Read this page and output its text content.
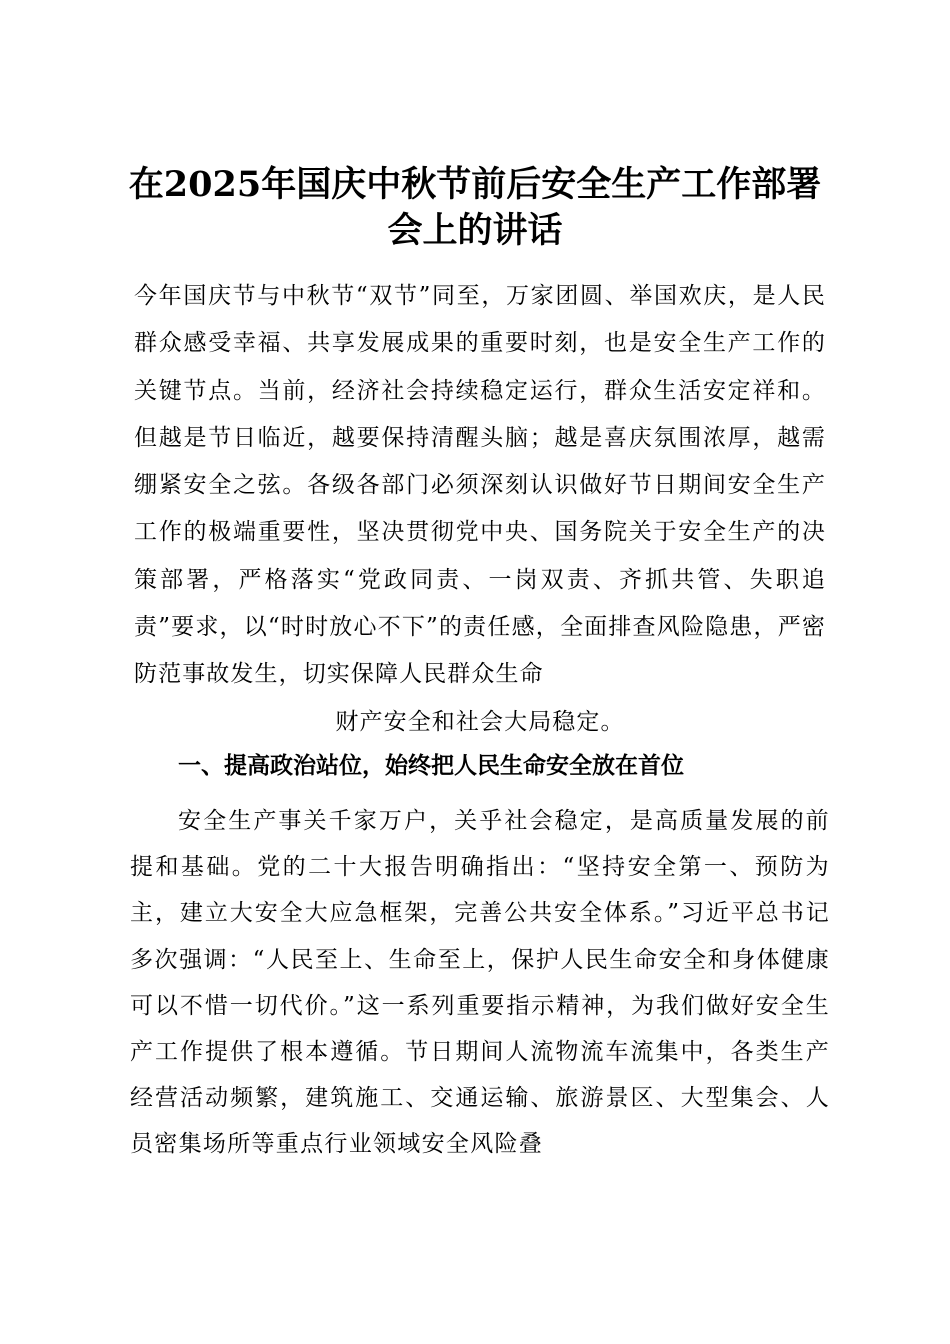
在2025年国庆中秋节前后安全生产工作部署
会上的讲话

今年国庆节与中秋节“双节”同至，万家团圆、举国欢庆，是人民群众感受幸福、共享发展成果的重要时刻，也是安全生产工作的关键节点。当前，经济社会持续稳定运行，群众生活安定祥和。但越是节日临近，越要保持清醒头脑；越是喜庆氛围浓厚，越需绷紧安全之弦。各级各部门必须深刻认识做好节日期间安全生产工作的极端重要性，坚决贯彻党中央、国务院关于安全生产的决策部署，严格落实“党政同责、一岗双责、齐抓共管、失职追责”要求，以“时时放心不下”的责任感，全面排查风险隐患，严密防范事故发生，切实保障人民群众生命
财产安全和社会大局稳定。

一、提高政治站位，始终把人民生命安全放在首位

安全生产事关千家万户，关乎社会稳定，是高质量发展的前提和基础。党的二十大报告明确指出：“坚持安全第一、预防为主，建立大安全大应急框架，完善公共安全体系。”习近平总书记多次强调：“人民至上、生命至上，保护人民生命安全和身体健康可以不惜一切代价。”这一系列重要指示精神，为我们做好安全生产工作提供了根本遵循。节日期间人流物流车流集中，各类生产经营活动频繁，建筑施工、交通运输、旅游景区、大型集会、人员密集场所等重点行业领域安全风险叠
